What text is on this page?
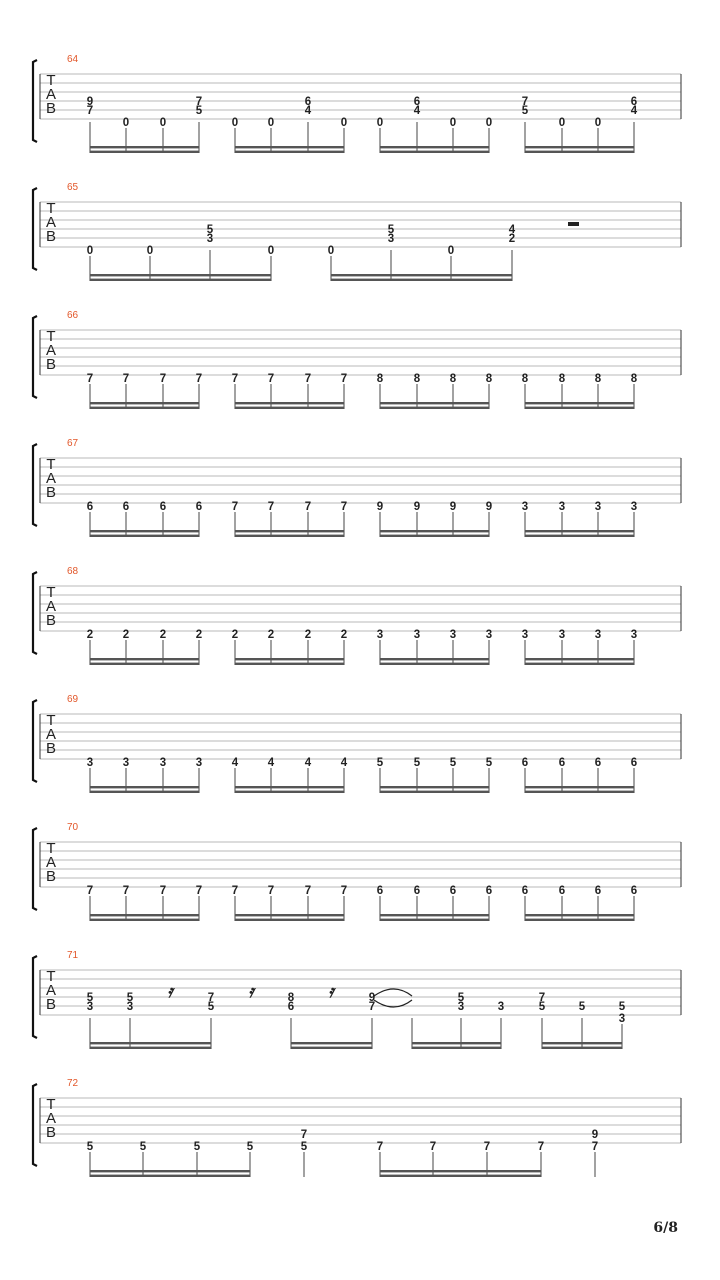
64
T
A
B	9
7
0	0
7
5
0	0
6
4
0	0
6
4
0	0
7
5
0	0
6
4
65
T
A
B
0	0
5
3
0	0
5
3
0
4
2
66
T
A
B
7	7	7	7	7	7	7	7	8	8	8	8	8	8	8	8
67
T
A
B
6	6	6	6	7	7	7	7	9	9	9	9	3	3	3	3
68
T
A
B
2	2	2	2	2	2	2	2	3	3	3	3	3	3	3	3
69
T
A
B
3	3	3	3	4	4	4	4	5	5	5	5	6	6	6	6
70
T
A
B
7	7	7	7	7	7	7	7	6	6	6	6	6	6	6	6
71
T
A
B	5
3
5
3
𝄿	7
5
𝄿	8
6
𝄿	9
7
5
3	3
7
5	5	5
3
72
T
A
B
5	5	5	5
7
5	7	7	7	7
9
7
6/8
